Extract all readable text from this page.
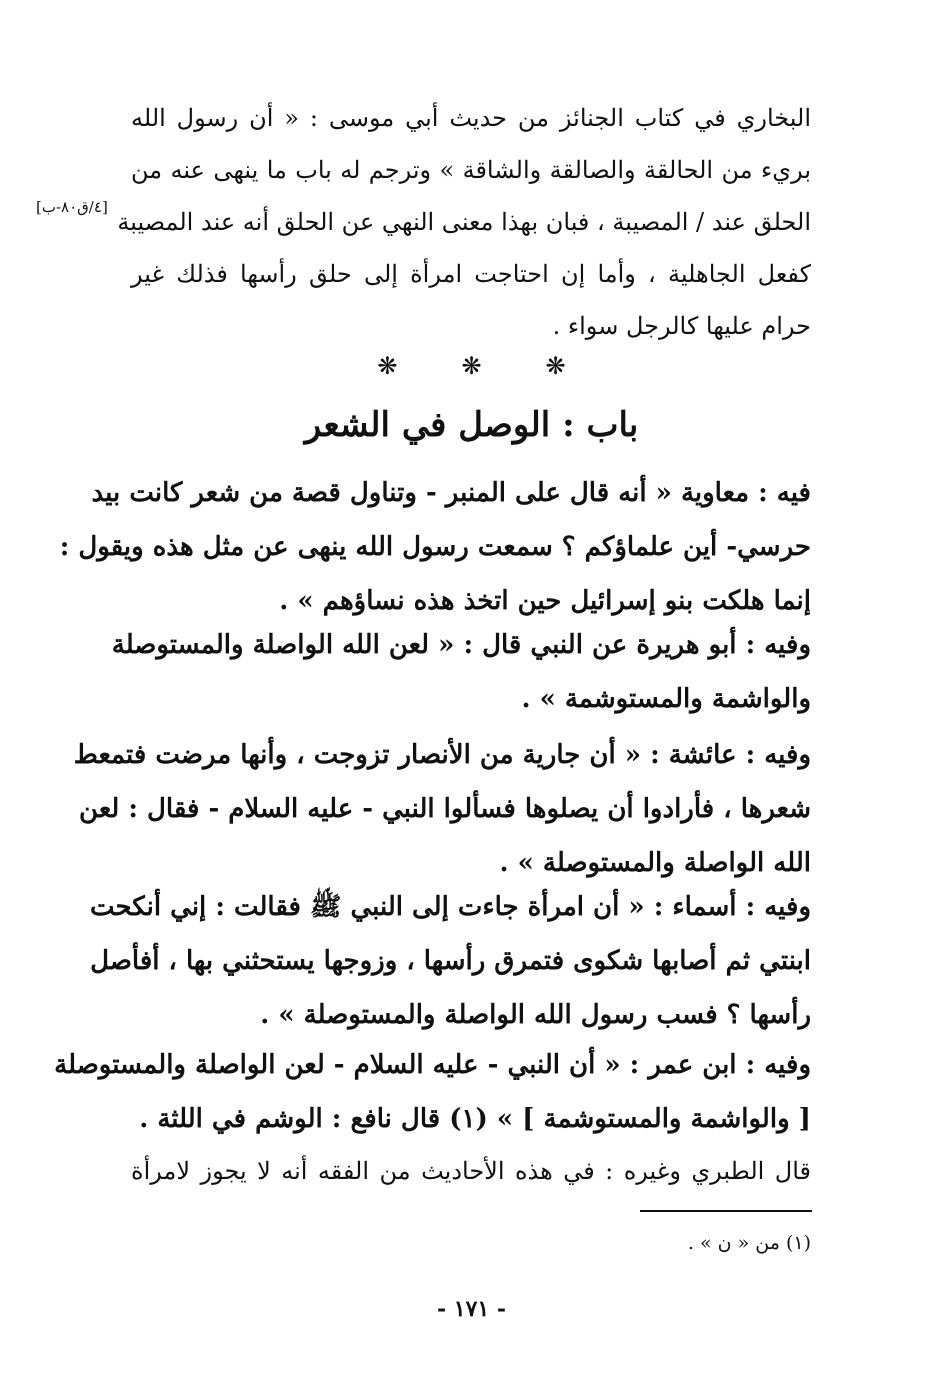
البخاري في كتاب الجنائز من حديث أبي موسى : « أن رسول الله
بريء من الحالقة والصالقة والشاقة » وترجم له باب ما ينهى عنه من
الحلق عند / المصيبة ، فبان بهذا معنى النهي عن الحلق أنه عند المصيبة
كفعل الجاهلية ، وأما إن احتاجت امرأة إلى حلق رأسها فذلك غير
حرام عليها كالرجل سواء .
[٤/ق٨٠-ب]
❋	❋	❋
باب : الوصل في الشعر
فيه : معاوية « أنه قال على المنبر - وتناول قصة من شعر كانت بيد
حرسي- أين علماؤكم ؟ سمعت رسول الله ينهى عن مثل هذه ويقول :
إنما هلكت بنو إسرائيل حين اتخذ هذه نساؤهم » .
وفيه : أبو هريرة عن النبي قال : « لعن الله الواصلة والمستوصلة
والواشمة والمستوشمة » .
وفيه : عائشة : « أن جارية من الأنصار تزوجت ، وأنها مرضت فتمعط
شعرها ، فأرادوا أن يصلوها فسألوا النبي - عليه السلام - فقال : لعن
الله الواصلة والمستوصلة » .
وفيه : أسماء : « أن امرأة جاءت إلى النبي ﷺ فقالت : إني أنكحت
ابنتي ثم أصابها شكوى فتمرق رأسها ، وزوجها يستحثني بها ، أفأصل
رأسها ؟ فسب رسول الله الواصلة والمستوصلة » .
وفيه : ابن عمر : « أن النبي - عليه السلام - لعن الواصلة والمستوصلة
[ والواشمة والمستوشمة ] » (١) قال نافع : الوشم في اللثة .
قال الطبري وغيره : في هذه الأحاديث من الفقه أنه لا يجوز لامرأة
(١) من « ن » .
- ١٧١ -
